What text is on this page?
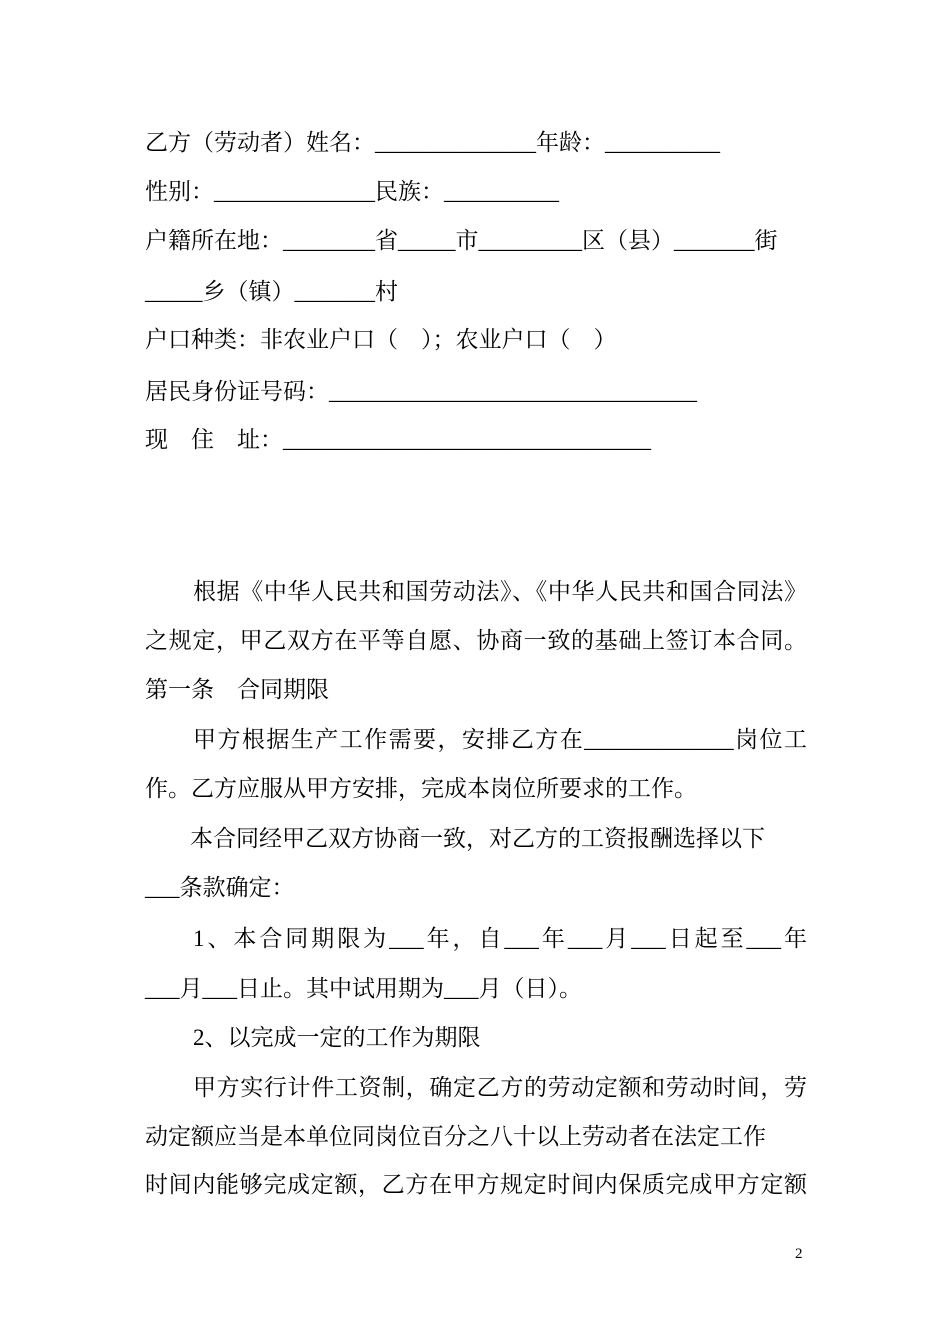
乙方（劳动者）姓名：______________年龄：__________
性别：______________民族：__________
户籍所在地：________省_____市_________区（县）_______街
_____乡（镇）_______村
户口种类：非农业户口（　）；农业户口（　）
居民身份证号码：________________________________
现　住　址：________________________________
根据《中华人民共和国劳动法》、《中华人民共和国合同法》
之规定，甲乙双方在平等自愿、协商一致的基础上签订本合同。
第一条　合同期限
甲方根据生产工作需要，安排乙方在_____________岗位工
作。乙方应服从甲方安排，完成本岗位所要求的工作。
本合同经甲乙双方协商一致，对乙方的工资报酬选择以下
___条款确定：
1、本合同期限为___年，自___年___月___日起至___年
___月___日止。其中试用期为___月（日）。
2、以完成一定的工作为期限
甲方实行计件工资制，确定乙方的劳动定额和劳动时间，劳
动定额应当是本单位同岗位百分之八十以上劳动者在法定工作
时间内能够完成定额，乙方在甲方规定时间内保质完成甲方定额
2
